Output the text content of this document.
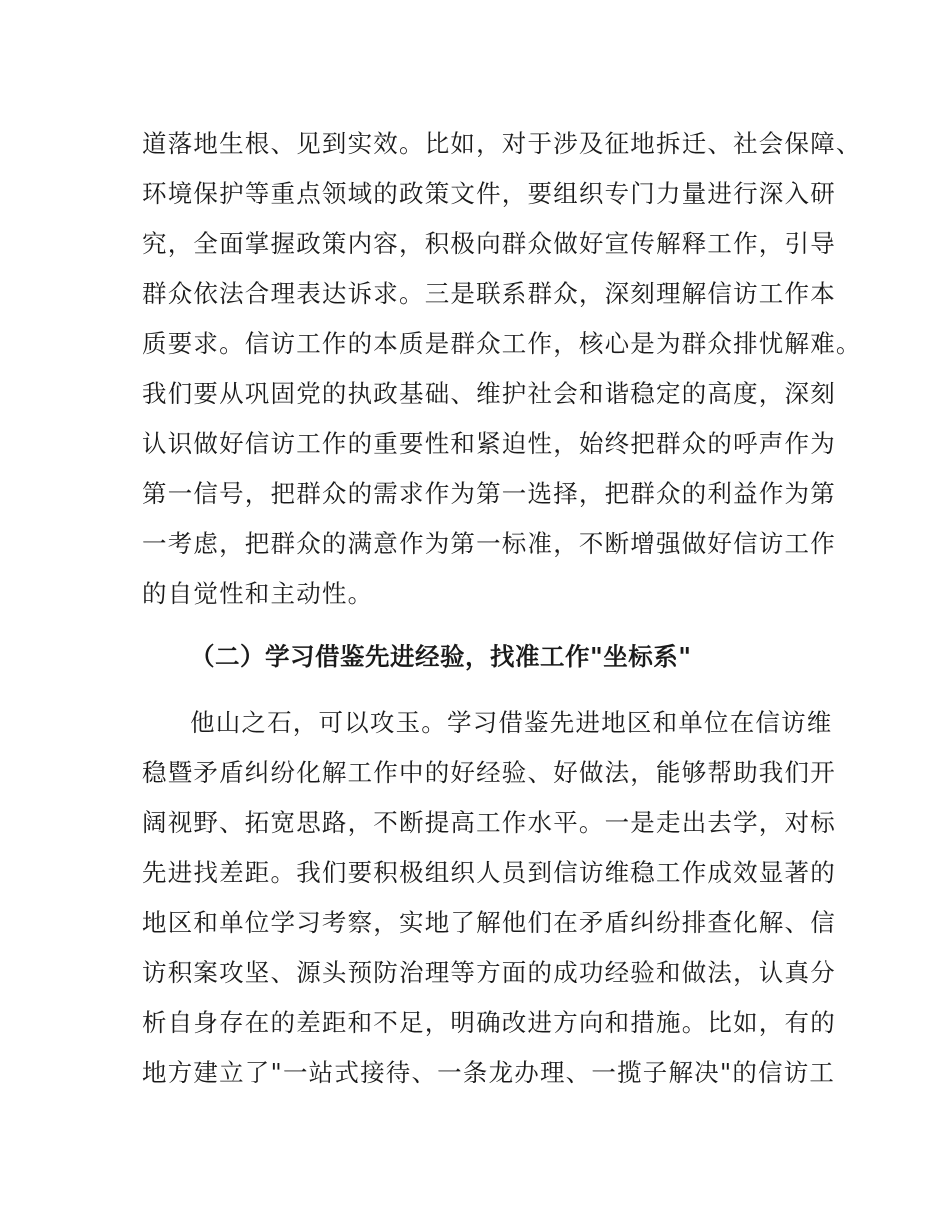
道落地生根、见到实效。比如，对于涉及征地拆迁、社会保障、
环境保护等重点领域的政策文件，要组织专门力量进行深入研
究，全面掌握政策内容，积极向群众做好宣传解释工作，引导
群众依法合理表达诉求。三是联系群众，深刻理解信访工作本
质要求。信访工作的本质是群众工作，核心是为群众排忧解难。
我们要从巩固党的执政基础、维护社会和谐稳定的高度，深刻
认识做好信访工作的重要性和紧迫性，始终把群众的呼声作为
第一信号，把群众的需求作为第一选择，把群众的利益作为第
一考虑，把群众的满意作为第一标准，不断增强做好信访工作
的自觉性和主动性。
（二）学习借鉴先进经验，找准工作"坐标系"
他山之石，可以攻玉。学习借鉴先进地区和单位在信访维
稳暨矛盾纠纷化解工作中的好经验、好做法，能够帮助我们开
阔视野、拓宽思路，不断提高工作水平。一是走出去学，对标
先进找差距。我们要积极组织人员到信访维稳工作成效显著的
地区和单位学习考察，实地了解他们在矛盾纠纷排查化解、信
访积案攻坚、源头预防治理等方面的成功经验和做法，认真分
析自身存在的差距和不足，明确改进方向和措施。比如，有的
地方建立了"一站式接待、一条龙办理、一揽子解决"的信访工
